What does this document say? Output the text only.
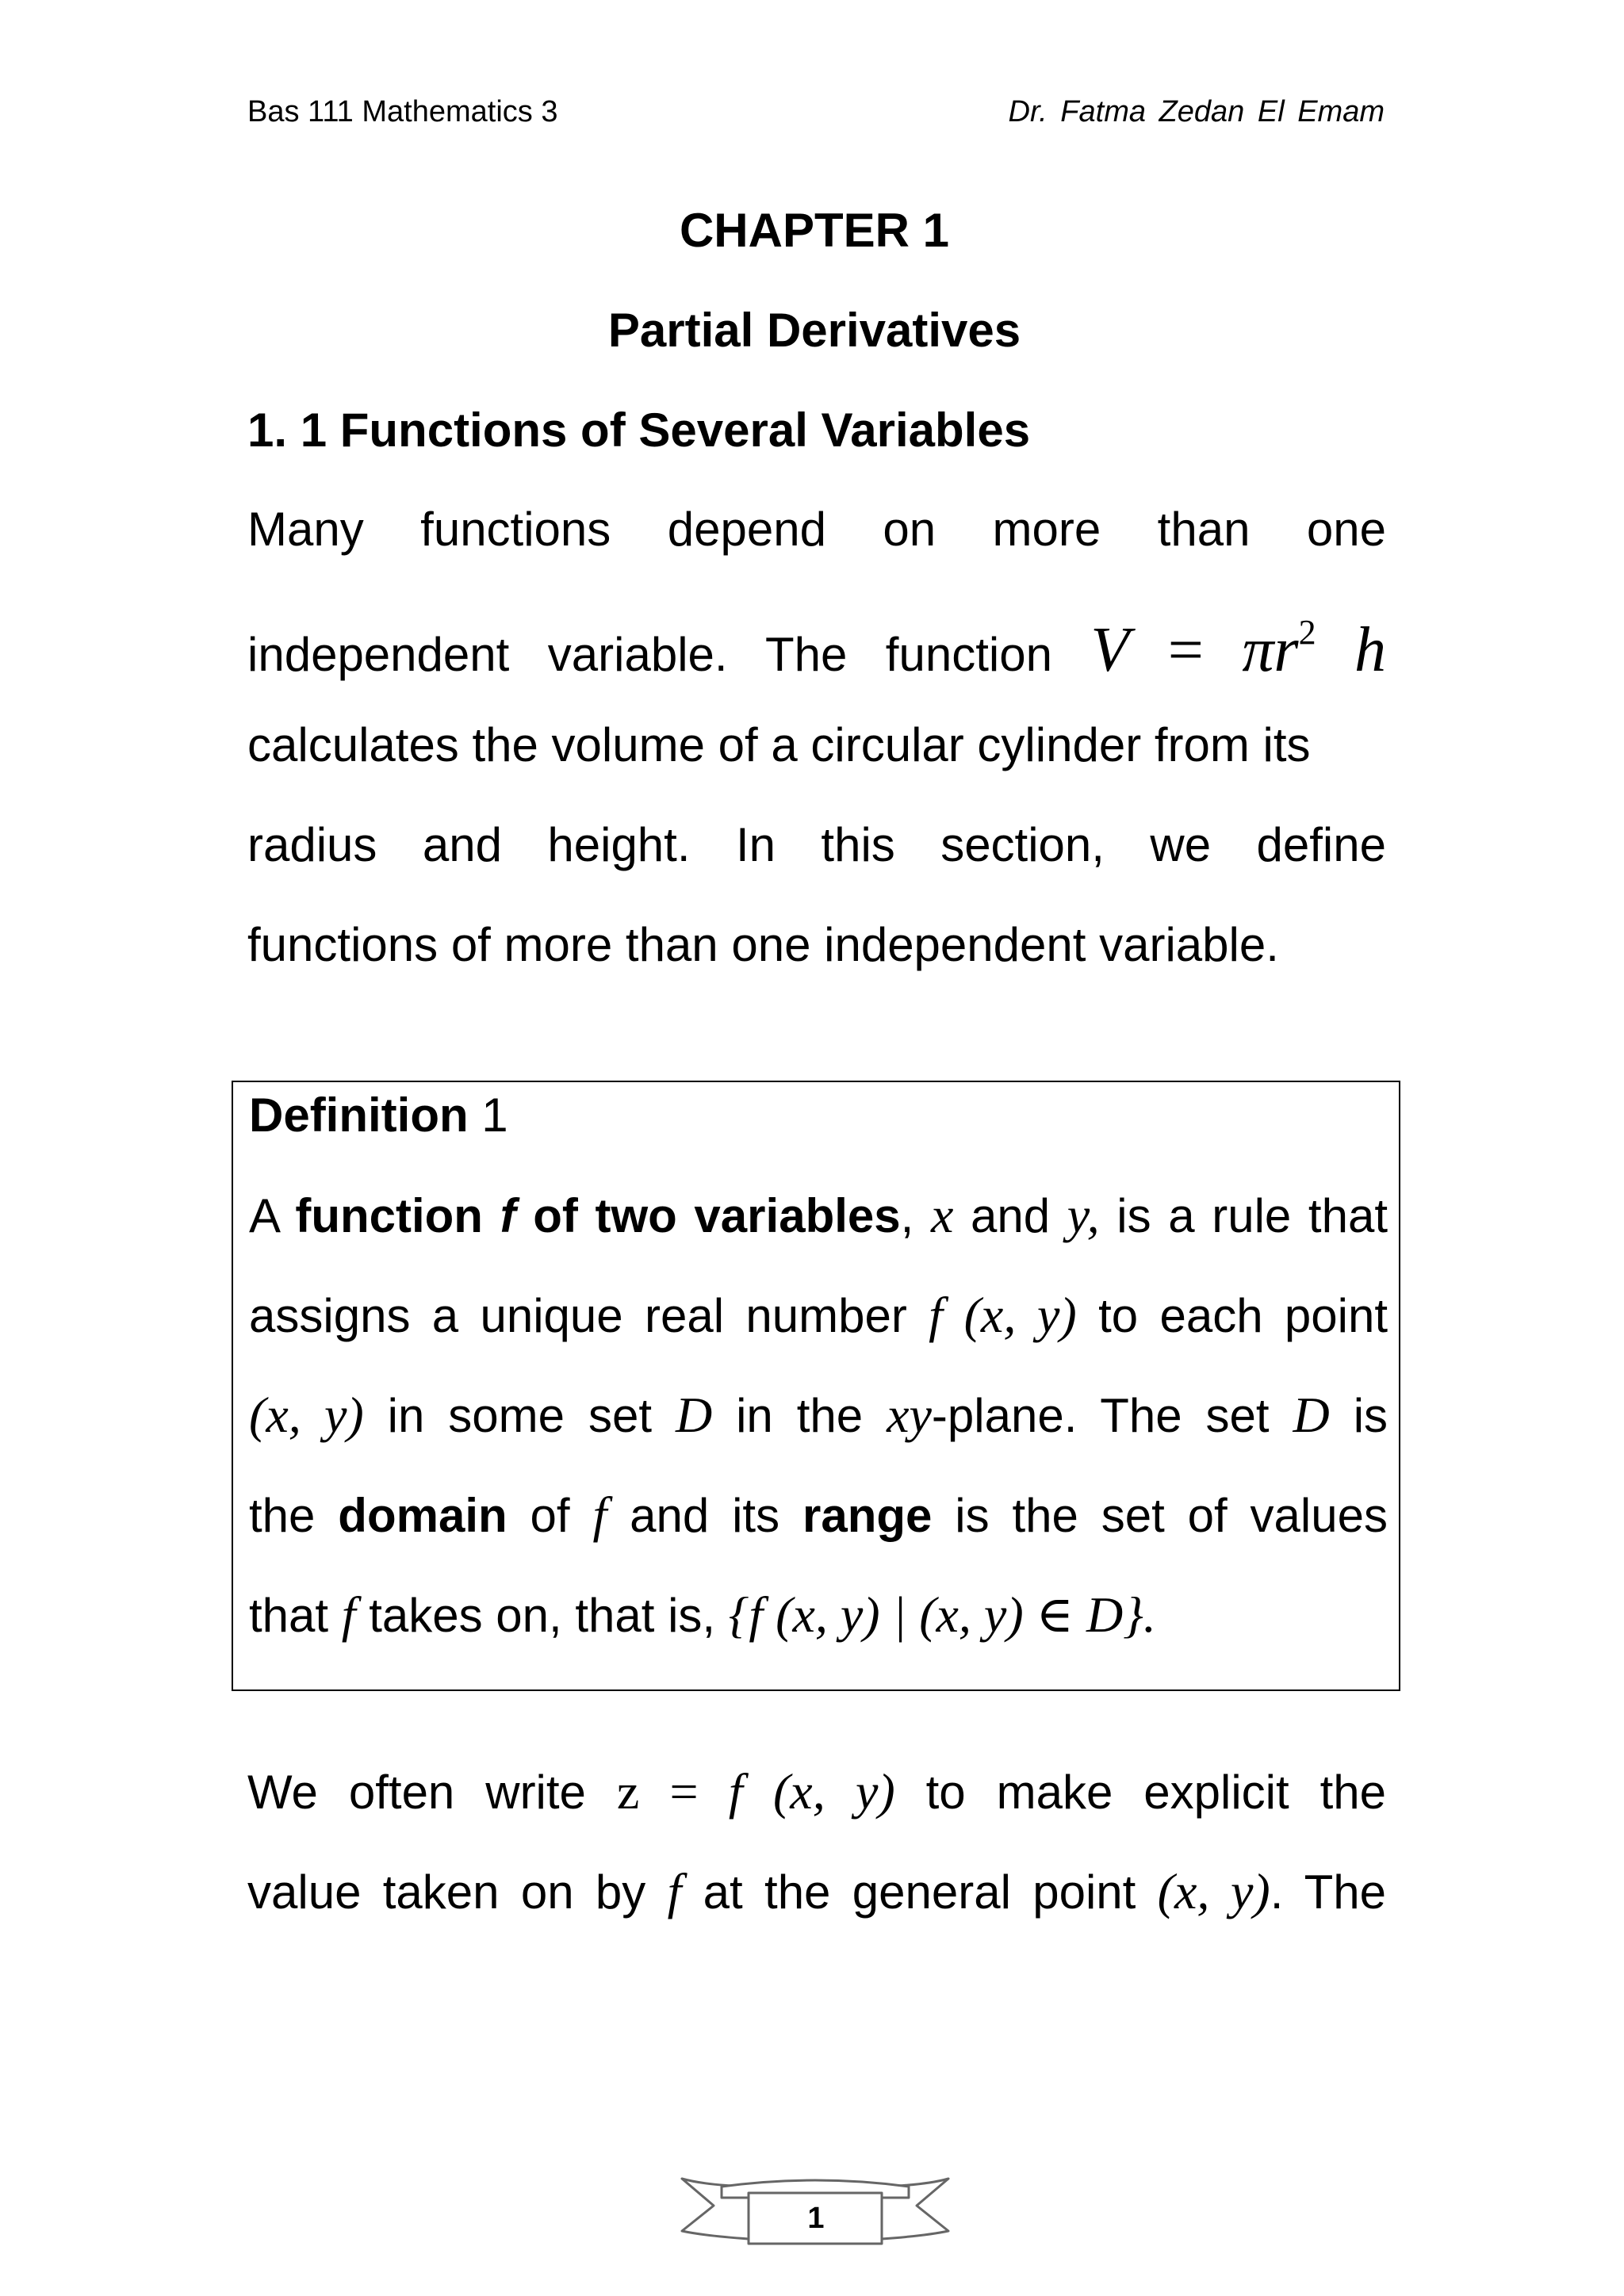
Bas 111 Mathematics 3	Dr. Fatma Zedan El Emam
CHAPTER 1
Partial Derivatives
1. 1 Functions of Several Variables
Many functions depend on more than one
independent variable. The function $V = \pi r^2$ h
calculates the volume of a circular cylinder from its
radius and height. In this section, we define
functions of more than one independent variable.
Definition 1
A function f of two variables, x and y, is a rule that
assigns a unique real number f (x, y) to each point
(x, y) in some set D in the xy-plane. The set D is
the domain of f and its range is the set of values
that f takes on, that is, {f (x, y) | (x, y) ∈ D}.
We often write z = f (x, y) to make explicit the
value taken on by f at the general point (x, y). The
1
